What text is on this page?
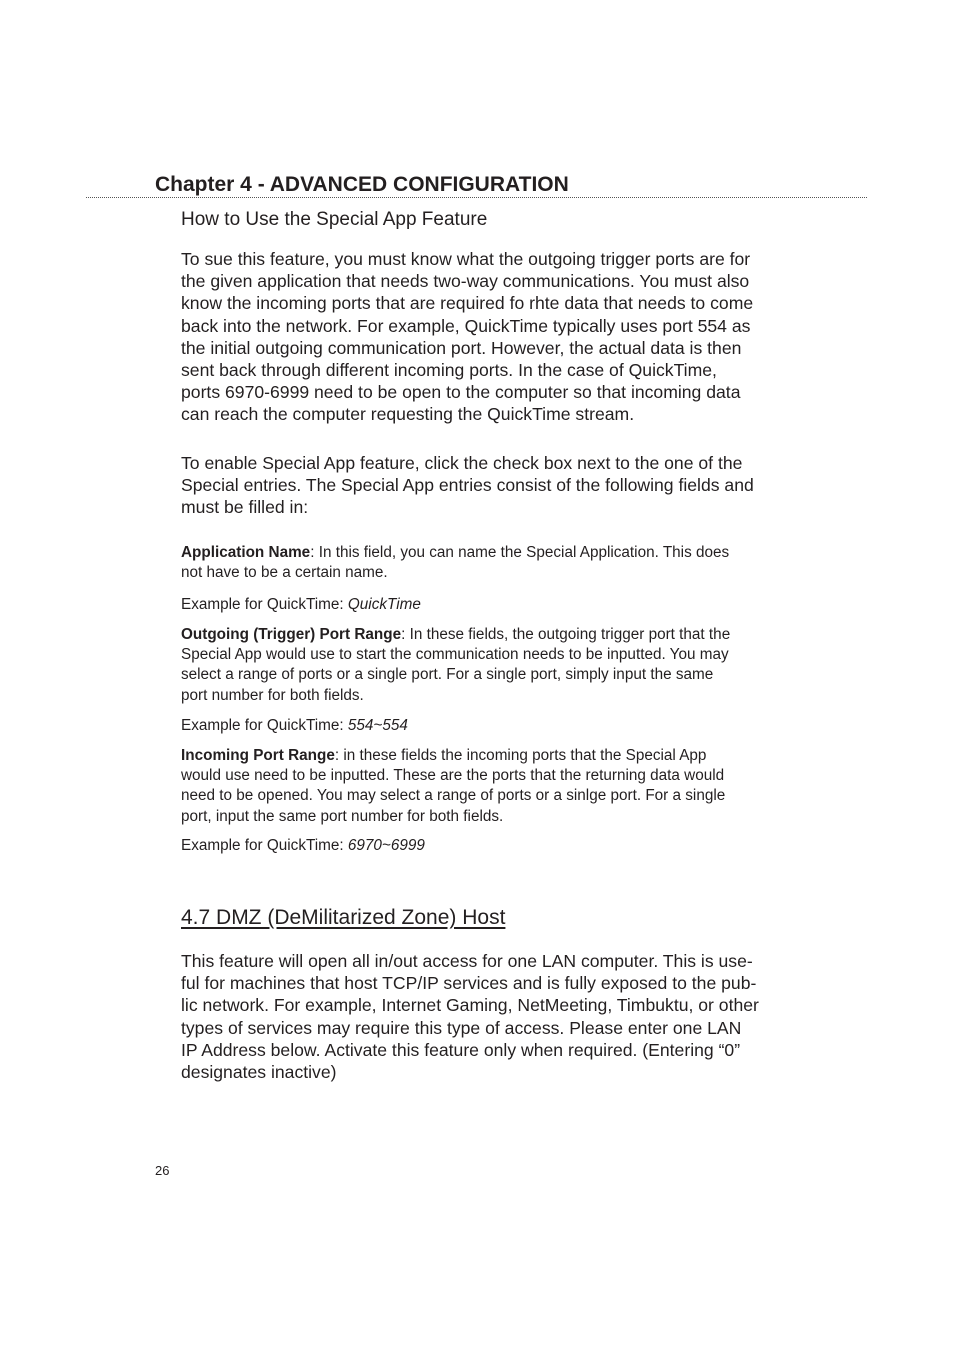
Chapter 4 - ADVANCED CONFIGURATION
How to Use the Special App Feature

To sue this feature, you must know what the outgoing trigger ports are for

the given application that needs two-way communications. You must also

know the incoming ports that are required fo rhte data that needs to come

back into the network. For example, QuickTime typically uses port 554 as

the initial outgoing communication port. However, the actual data is then

sent back through different incoming ports. In the case of QuickTime,

ports 6970-6999 need to be open to the computer so that incoming data

can reach the computer requesting the QuickTime stream.

To enable Special App feature, click the check box next to the one of the

Special entries. The Special App entries consist of the following fields and

must be filled in:

Application Name: In this field, you can name the Special Application. This does
not have to be a certain name.
Example for QuickTime: QuickTime
Outgoing (Trigger) Port Range: In these fields, the outgoing trigger port that the
Special App would use to start the communication needs to be inputted. You may
select a range of ports or a single port. For a single port, simply input the same
port number for both fields.
Example for QuickTime: 554~554
Incoming Port Range: in these fields the incoming ports that the Special App
would use need to be inputted. These are the ports that the returning data would
need to be opened. You may select a range of ports or a sinlge port. For a single
port, input the same port number for both fields.
Example for QuickTime: 6970~6999
4.7 DMZ (DeMilitarized Zone) Host

This feature will open all in/out access for one LAN computer. This is use-

ful for machines that host TCP/IP services and is fully exposed to the pub-

lic network. For example, Internet Gaming, NetMeeting, Timbuktu, or other

types of services may require this type of access. Please enter one LAN

IP Address below. Activate this feature only when required. (Entering “0”

designates inactive)

26
